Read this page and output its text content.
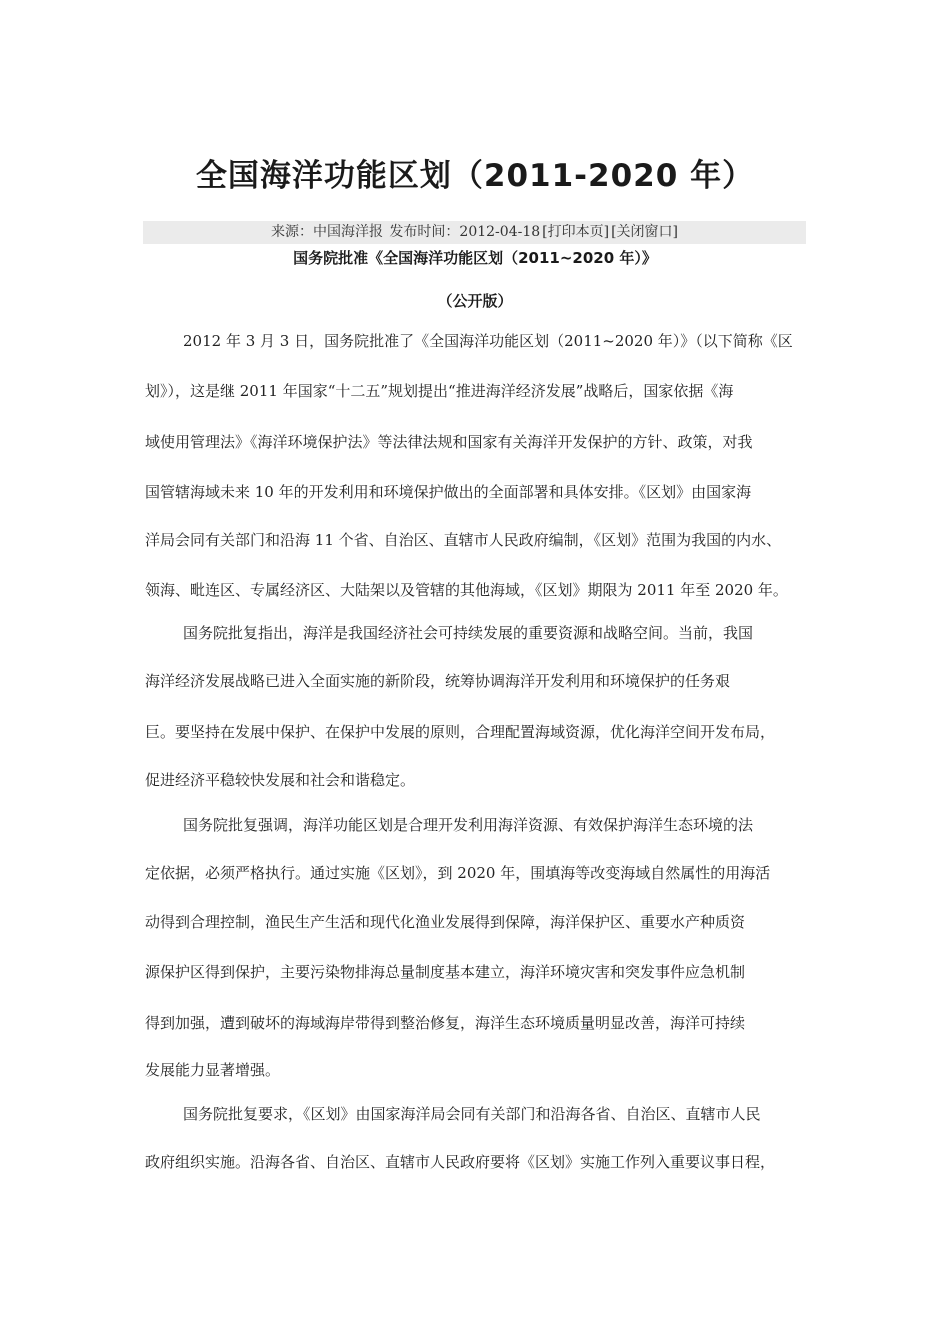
全国海洋功能区划（2011-2020 年）
来源：中国海洋报 发布时间：2012-04-18 [打印本页] [关闭窗口]
国务院批准《全国海洋功能区划（2011~2020 年）》
（公开版）
2012 年 3 月 3 日，国务院批准了《全国海洋功能区划（2011~2020 年）》（以下简称《区
划》），这是继 2011 年国家“十二五”规划提出“推进海洋经济发展”战略后，国家依据《海
域使用管理法》《海洋环境保护法》等法律法规和国家有关海洋开发保护的方针、政策，对我
国管辖海域未来 10 年的开发利用和环境保护做出的全面部署和具体安排。《区划》由国家海
洋局会同有关部门和沿海 11 个省、自治区、直辖市人民政府编制，《区划》范围为我国的内水、
领海、毗连区、专属经济区、大陆架以及管辖的其他海域，《区划》期限为 2011 年至 2020 年。
国务院批复指出，海洋是我国经济社会可持续发展的重要资源和战略空间。当前，我国
海洋经济发展战略已进入全面实施的新阶段，统筹协调海洋开发利用和环境保护的任务艰
巨。要坚持在发展中保护、在保护中发展的原则，合理配置海域资源，优化海洋空间开发布局，
促进经济平稳较快发展和社会和谐稳定。
国务院批复强调，海洋功能区划是合理开发利用海洋资源、有效保护海洋生态环境的法
定依据，必须严格执行。通过实施《区划》，到 2020 年，围填海等改变海域自然属性的用海活
动得到合理控制，渔民生产生活和现代化渔业发展得到保障，海洋保护区、重要水产种质资
源保护区得到保护，主要污染物排海总量制度基本建立，海洋环境灾害和突发事件应急机制
得到加强，遭到破坏的海域海岸带得到整治修复，海洋生态环境质量明显改善，海洋可持续
发展能力显著增强。
国务院批复要求，《区划》由国家海洋局会同有关部门和沿海各省、自治区、直辖市人民
政府组织实施。沿海各省、自治区、直辖市人民政府要将《区划》实施工作列入重要议事日程，
